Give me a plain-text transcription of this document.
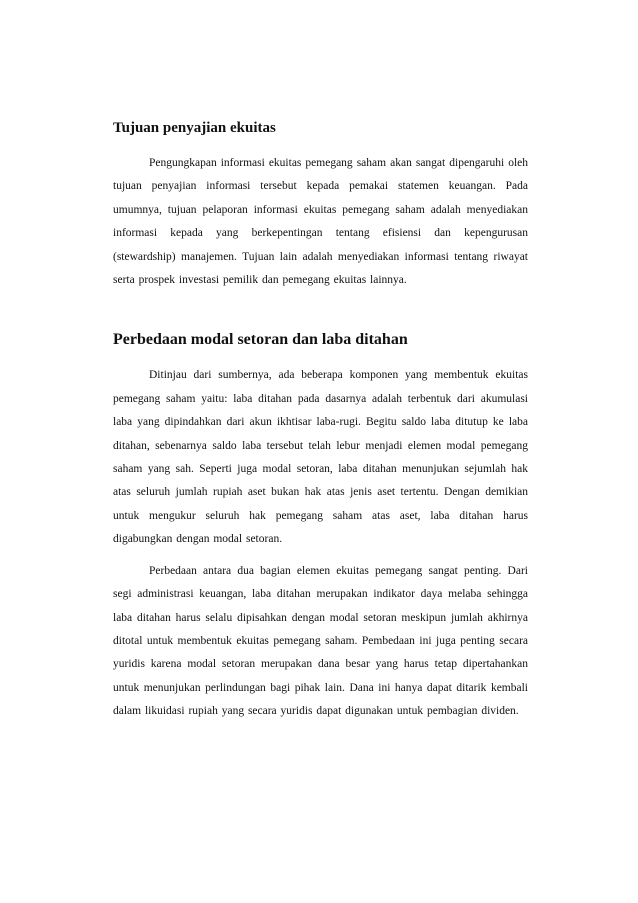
Tujuan penyajian ekuitas

Pengungkapan informasi ekuitas pemegang saham akan sangat dipengaruhi oleh tujuan penyajian informasi tersebut kepada pemakai statemen keuangan. Pada umumnya, tujuan pelaporan informasi ekuitas pemegang saham adalah menyediakan informasi kepada yang berkepentingan tentang efisiensi dan kepengurusan (stewardship) manajemen. Tujuan lain adalah menyediakan informasi tentang riwayat serta prospek investasi pemilik dan pemegang ekuitas lainnya.

Perbedaan modal setoran dan laba ditahan

Ditinjau dari sumbernya, ada beberapa komponen yang membentuk ekuitas pemegang saham yaitu: laba ditahan pada dasarnya adalah terbentuk dari akumulasi laba yang dipindahkan dari akun ikhtisar laba-rugi. Begitu saldo laba ditutup ke laba ditahan, sebenarnya saldo laba tersebut telah lebur menjadi elemen modal pemegang saham yang sah. Seperti juga modal setoran, laba ditahan menunjukan sejumlah hak atas seluruh jumlah rupiah aset bukan hak atas jenis aset tertentu. Dengan demikian untuk mengukur seluruh hak pemegang saham atas aset, laba ditahan harus digabungkan dengan modal setoran.

Perbedaan antara dua bagian elemen ekuitas pemegang sangat penting. Dari segi administrasi keuangan, laba ditahan merupakan indikator daya melaba sehingga laba ditahan harus selalu dipisahkan dengan modal setoran meskipun jumlah akhirnya ditotal untuk membentuk ekuitas pemegang saham. Pembedaan ini juga penting secara yuridis karena modal setoran merupakan dana besar yang harus tetap dipertahankan untuk menunjukan perlindungan bagi pihak lain. Dana ini hanya dapat ditarik kembali dalam likuidasi rupiah yang secara yuridis dapat digunakan untuk pembagian dividen.
